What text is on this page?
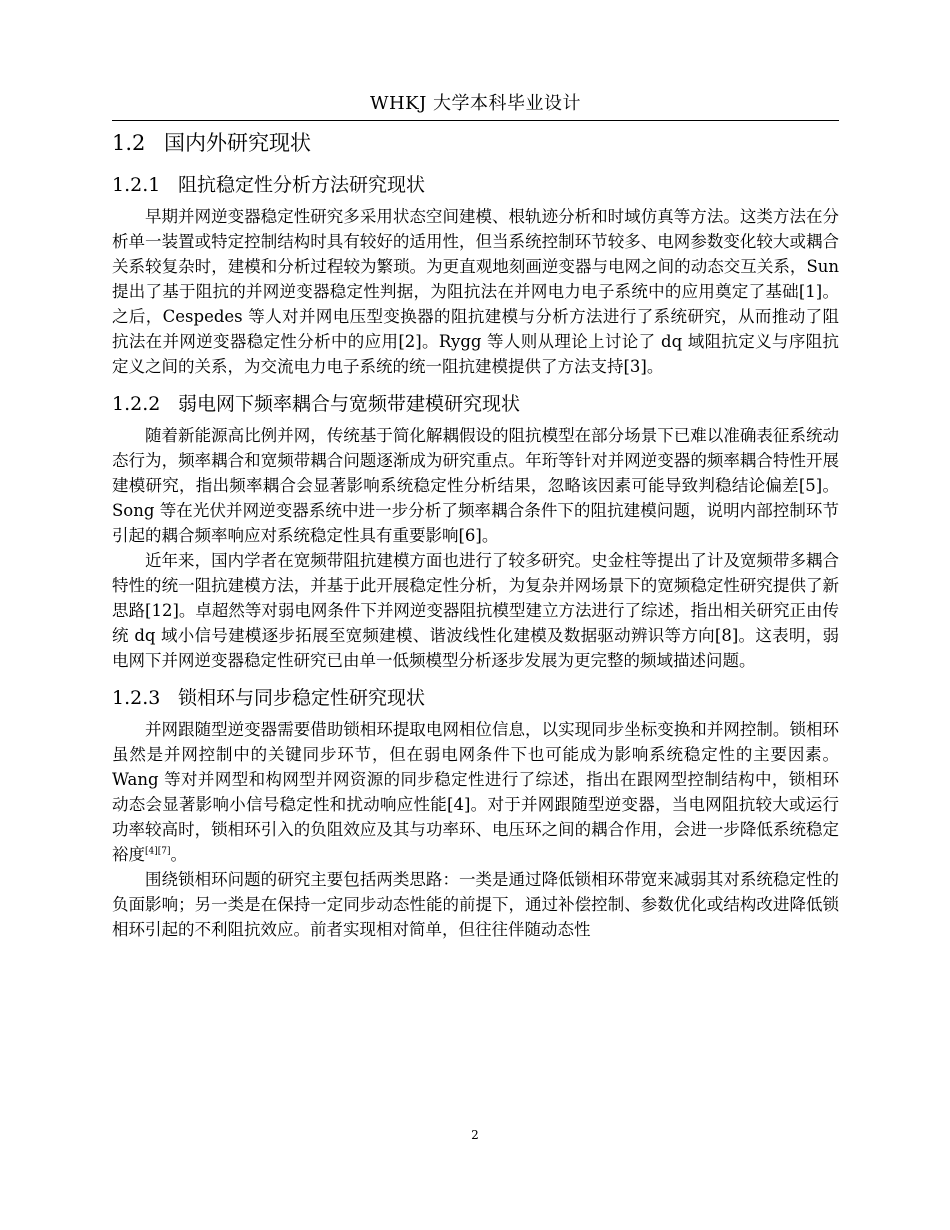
WHKJ 大学本科毕业设计
1.2 国内外研究现状
1.2.1 阻抗稳定性分析方法研究现状

早期并网逆变器稳定性研究多采用状态空间建模、根轨迹分析和时域仿真等方法。这类方法在分析单一装置或特定控制结构时具有较好的适用性，但当系统控制环节较多、电网参数变化较大或耦合关系较复杂时，建模和分析过程较为繁琐。为更直观地刻画逆变器与电网之间的动态交互关系，Sun 提出了基于阻抗的并网逆变器稳定性判据，为阻抗法在并网电力电子系统中的应用奠定了基础[1]。之后，Cespedes 等人对并网电压型变换器的阻抗建模与分析方法进行了系统研究，从而推动了阻抗法在并网逆变器稳定性分析中的应用[2]。Rygg 等人则从理论上讨论了 dq 域阻抗定义与序阻抗定义之间的关系，为交流电力电子系统的统一阻抗建模提供了方法支持[3]。

1.2.2 弱电网下频率耦合与宽频带建模研究现状

随着新能源高比例并网，传统基于简化解耦假设的阻抗模型在部分场景下已难以准确表征系统动态行为，频率耦合和宽频带耦合问题逐渐成为研究重点。年珩等针对并网逆变器的频率耦合特性开展建模研究，指出频率耦合会显著影响系统稳定性分析结果，忽略该因素可能导致判稳结论偏差[5]。Song 等在光伏并网逆变器系统中进一步分析了频率耦合条件下的阻抗建模问题，说明内部控制环节引起的耦合频率响应对系统稳定性具有重要影响[6]。

近年来，国内学者在宽频带阻抗建模方面也进行了较多研究。史金柱等提出了计及宽频带多耦合特性的统一阻抗建模方法，并基于此开展稳定性分析，为复杂并网场景下的宽频稳定性研究提供了新思路[12]。卓超然等对弱电网条件下并网逆变器阻抗模型建立方法进行了综述，指出相关研究正由传统 dq 域小信号建模逐步拓展至宽频建模、谐波线性化建模及数据驱动辨识等方向[8]。这表明，弱电网下并网逆变器稳定性研究已由单一低频模型分析逐步发展为更完整的频域描述问题。

1.2.3 锁相环与同步稳定性研究现状

并网跟随型逆变器需要借助锁相环提取电网相位信息，以实现同步坐标变换和并网控制。锁相环虽然是并网控制中的关键同步环节，但在弱电网条件下也可能成为影响系统稳定性的主要因素。Wang 等对并网型和构网型并网资源的同步稳定性进行了综述，指出在跟网型控制结构中，锁相环动态会显著影响小信号稳定性和扰动响应性能[4]。对于并网跟随型逆变器，当电网阻抗较大或运行功率较高时，锁相环引入的负阻效应及其与功率环、电压环之间的耦合作用，会进一步降低系统稳定裕度[4][7]。

围绕锁相环问题的研究主要包括两类思路：一类是通过降低锁相环带宽来减弱其对系统稳定性的负面影响；另一类是在保持一定同步动态性能的前提下，通过补偿控制、参数优化或结构改进降低锁相环引起的不利阻抗效应。前者实现相对简单，但往往伴随动态性

2
